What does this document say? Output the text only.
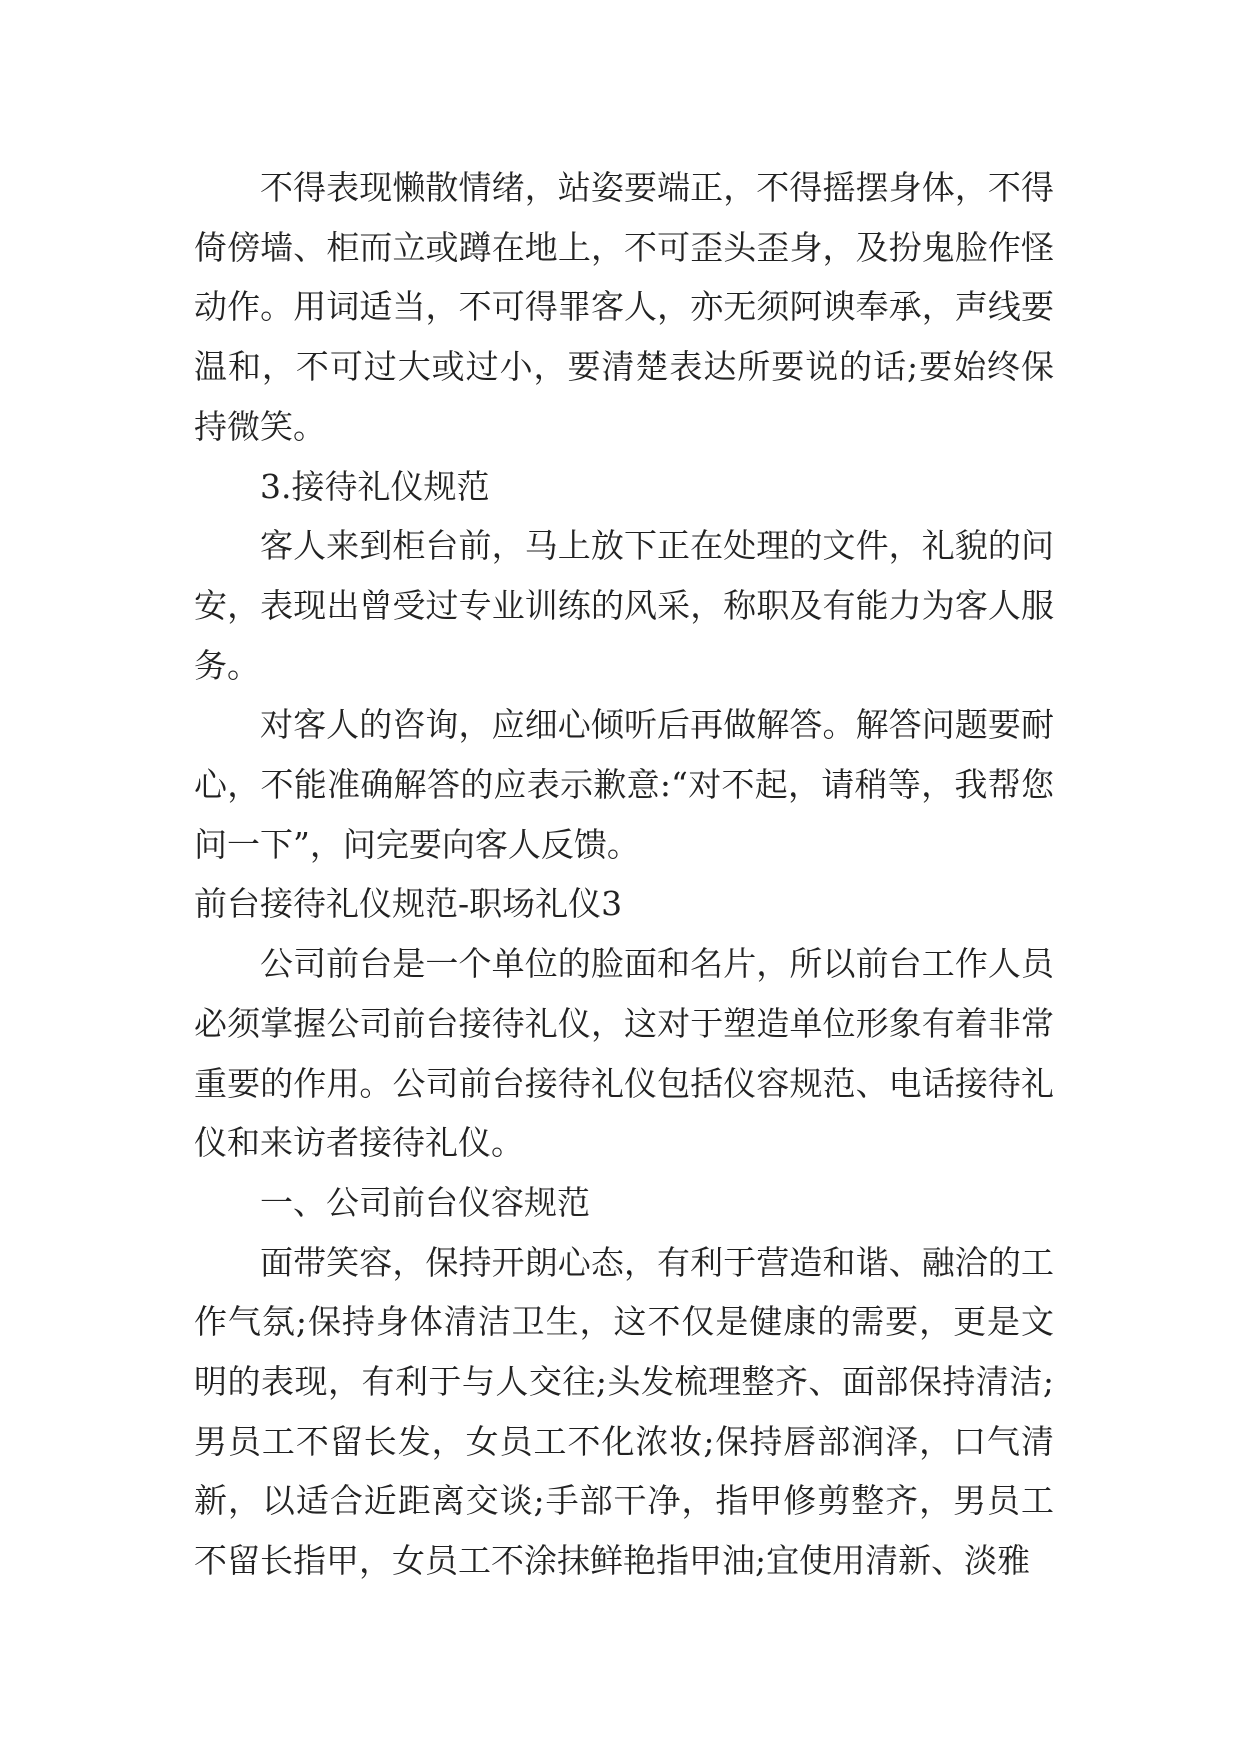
不得表现懒散情绪，站姿要端正，不得摇摆身体，不得倚傍墙、柜而立或蹲在地上，不可歪头歪身，及扮鬼脸作怪动作。用词适当，不可得罪客人，亦无须阿谀奉承，声线要温和，不可过大或过小，要清楚表达所要说的话;要始终保持微笑。

3.接待礼仪规范

客人来到柜台前，马上放下正在处理的文件，礼貌的问安，表现出曾受过专业训练的风采，称职及有能力为客人服务。

对客人的咨询，应细心倾听后再做解答。解答问题要耐心，不能准确解答的应表示歉意:“对不起，请稍等，我帮您问一下”，问完要向客人反馈。

前台接待礼仪规范-职场礼仪3

公司前台是一个单位的脸面和名片，所以前台工作人员必须掌握公司前台接待礼仪，这对于塑造单位形象有着非常重要的作用。公司前台接待礼仪包括仪容规范、电话接待礼仪和来访者接待礼仪。

一、公司前台仪容规范

面带笑容，保持开朗心态，有利于营造和谐、融洽的工作气氛;保持身体清洁卫生，这不仅是健康的需要，更是文明的表现，有利于与人交往;头发梳理整齐、面部保持清洁;男员工不留长发，女员工不化浓妆;保持唇部润泽，口气清新，以适合近距离交谈;手部干净，指甲修剪整齐，男员工不留长指甲，女员工不涂抹鲜艳指甲油;宜使用清新、淡雅
